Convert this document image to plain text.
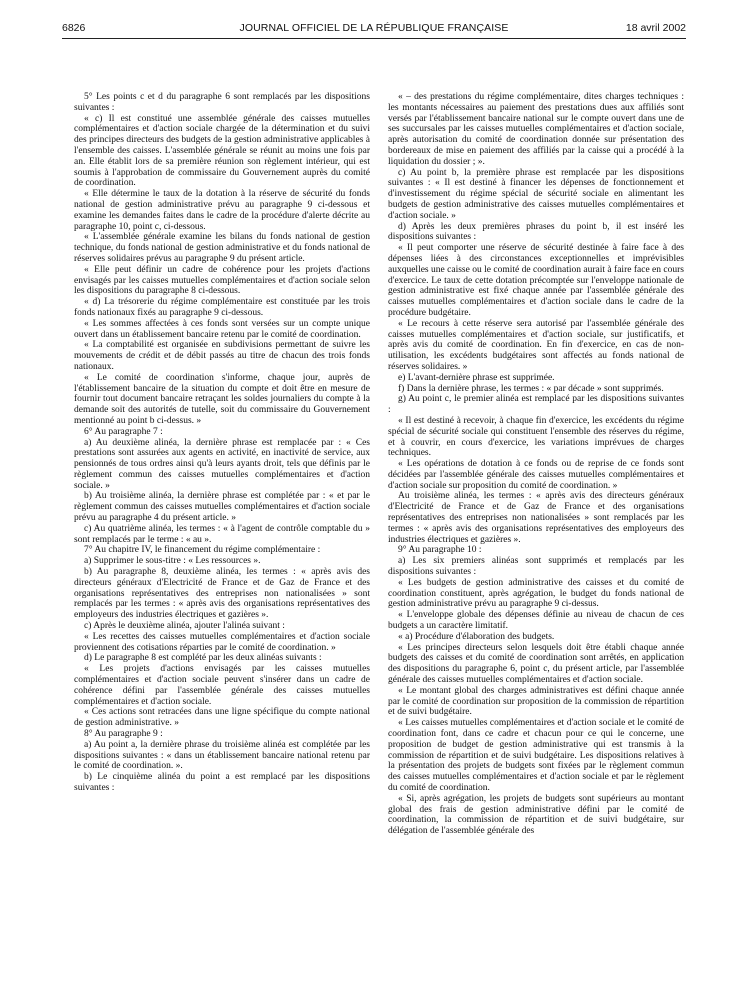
6826	JOURNAL OFFICIEL DE LA RÉPUBLIQUE FRANÇAISE	18 avril 2002

5° Les points c et d du paragraphe 6 sont remplacés par les dispositions suivantes :

« c) Il est constitué une assemblée générale des caisses mutuelles complémentaires et d'action sociale chargée de la détermination et du suivi des principes directeurs des budgets de la gestion administrative applicables à l'ensemble des caisses. L'assemblée générale se réunit au moins une fois par an. Elle établit lors de sa première réunion son règlement intérieur, qui est soumis à l'approbation de commissaire du Gouvernement auprès du comité de coordination.

« Elle détermine le taux de la dotation à la réserve de sécurité du fonds national de gestion administrative prévu au paragraphe 9 ci-dessous et examine les demandes faites dans le cadre de la procédure d'alerte décrite au paragraphe 10, point c, ci-dessous.

« L'assemblée générale examine les bilans du fonds national de gestion technique, du fonds national de gestion administrative et du fonds national de réserves solidaires prévus au paragraphe 9 du présent article.

« Elle peut définir un cadre de cohérence pour les projets d'actions envisagés par les caisses mutuelles complémentaires et d'action sociale selon les dispositions du paragraphe 8 ci-dessous.

« d) La trésorerie du régime complémentaire est constituée par les trois fonds nationaux fixés au paragraphe 9 ci-dessous.

« Les sommes affectées à ces fonds sont versées sur un compte unique ouvert dans un établissement bancaire retenu par le comité de coordination.

« La comptabilité est organisée en subdivisions permettant de suivre les mouvements de crédit et de débit passés au titre de chacun des trois fonds nationaux.

« Le comité de coordination s'informe, chaque jour, auprès de l'établissement bancaire de la situation du compte et doit être en mesure de fournir tout document bancaire retraçant les soldes journaliers du compte à la demande soit des autorités de tutelle, soit du commissaire du Gouvernement mentionné au point b ci-dessus. »

6° Au paragraphe 7 :

a) Au deuxième alinéa, la dernière phrase est remplacée par : « Ces prestations sont assurées aux agents en activité, en inactivité de service, aux pensionnés de tous ordres ainsi qu'à leurs ayants droit, tels que définis par le règlement commun des caisses mutuelles complémentaires et d'action sociale. »

b) Au troisième alinéa, la dernière phrase est complétée par : « et par le règlement commun des caisses mutuelles complémentaires et d'action sociale prévu au paragraphe 4 du présent article. »

c) Au quatrième alinéa, les termes : « à l'agent de contrôle comptable du » sont remplacés par le terme : « au ».

7° Au chapitre IV, le financement du régime complémentaire :

a) Supprimer le sous-titre : « Les ressources ».

b) Au paragraphe 8, deuxième alinéa, les termes : « après avis des directeurs généraux d'Electricité de France et de Gaz de France et des organisations représentatives des entreprises non nationalisées » sont remplacés par les termes : « après avis des organisations représentatives des employeurs des industries électriques et gazières ».

c) Après le deuxième alinéa, ajouter l'alinéa suivant :

« Les recettes des caisses mutuelles complémentaires et d'action sociale proviennent des cotisations réparties par le comité de coordination. »

d) Le paragraphe 8 est complété par les deux alinéas suivants :

« Les projets d'actions envisagés par les caisses mutuelles complémentaires et d'action sociale peuvent s'insérer dans un cadre de cohérence défini par l'assemblée générale des caisses mutuelles complémentaires et d'action sociale.

« Ces actions sont retracées dans une ligne spécifique du compte national de gestion administrative. »

8° Au paragraphe 9 :

a) Au point a, la dernière phrase du troisième alinéa est complétée par les dispositions suivantes : « dans un établissement bancaire national retenu par le comité de coordination. ».

b) Le cinquième alinéa du point a est remplacé par les dispositions suivantes :

« – des prestations du régime complémentaire, dites charges techniques : les montants nécessaires au paiement des prestations dues aux affiliés sont versés par l'établissement bancaire national sur le compte ouvert dans une de ses succursales par les caisses mutuelles complémentaires et d'action sociale, après autorisation du comité de coordination donnée sur présentation des bordereaux de mise en paiement des affiliés par la caisse qui a procédé à la liquidation du dossier ; ».

c) Au point b, la première phrase est remplacée par les dispositions suivantes : « Il est destiné à financer les dépenses de fonctionnement et d'investissement du régime spécial de sécurité sociale en alimentant les budgets de gestion administrative des caisses mutuelles complémentaires et d'action sociale. »

d) Après les deux premières phrases du point b, il est inséré les dispositions suivantes :

« Il peut comporter une réserve de sécurité destinée à faire face à des dépenses liées à des circonstances exceptionnelles et imprévisibles auxquelles une caisse ou le comité de coordination aurait à faire face en cours d'exercice. Le taux de cette dotation précomptée sur l'enveloppe nationale de gestion administrative est fixé chaque année par l'assemblée générale des caisses mutuelles complémentaires et d'action sociale dans le cadre de la procédure budgétaire.

« Le recours à cette réserve sera autorisé par l'assemblée générale des caisses mutuelles complémentaires et d'action sociale, sur justificatifs, et après avis du comité de coordination. En fin d'exercice, en cas de non-utilisation, les excédents budgétaires sont affectés au fonds national de réserves solidaires. »

e) L'avant-dernière phrase est supprimée.

f) Dans la dernière phrase, les termes : « par décade » sont supprimés.

g) Au point c, le premier alinéa est remplacé par les dispositions suivantes :

« Il est destiné à recevoir, à chaque fin d'exercice, les excédents du régime spécial de sécurité sociale qui constituent l'ensemble des réserves du régime, et à couvrir, en cours d'exercice, les variations imprévues de charges techniques.

« Les opérations de dotation à ce fonds ou de reprise de ce fonds sont décidées par l'assemblée générale des caisses mutuelles complémentaires et d'action sociale sur proposition du comité de coordination. »

Au troisième alinéa, les termes : « après avis des directeurs généraux d'Electricité de France et de Gaz de France et des organisations représentatives des entreprises non nationalisées » sont remplacés par les termes : « après avis des organisations représentatives des employeurs des industries électriques et gazières ».

9° Au paragraphe 10 :

a) Les six premiers alinéas sont supprimés et remplacés par les dispositions suivantes :

« Les budgets de gestion administrative des caisses et du comité de coordination constituent, après agrégation, le budget du fonds national de gestion administrative prévu au paragraphe 9 ci-dessus.

« L'enveloppe globale des dépenses définie au niveau de chacun de ces budgets a un caractère limitatif.

« a) Procédure d'élaboration des budgets.

« Les principes directeurs selon lesquels doit être établi chaque année budgets des caisses et du comité de coordination sont arrêtés, en application des dispositions du paragraphe 6, point c, du présent article, par l'assemblée générale des caisses mutuelles complémentaires et d'action sociale.

« Le montant global des charges administratives est défini chaque année par le comité de coordination sur proposition de la commission de répartition et de suivi budgétaire.

« Les caisses mutuelles complémentaires et d'action sociale et le comité de coordination font, dans ce cadre et chacun pour ce qui le concerne, une proposition de budget de gestion administrative qui est transmis à la commission de répartition et de suivi budgétaire. Les dispositions relatives à la présentation des projets de budgets sont fixées par le règlement commun des caisses mutuelles complémentaires et d'action sociale et par le règlement du comité de coordination.

« Si, après agrégation, les projets de budgets sont supérieurs au montant global des frais de gestion administrative défini par le comité de coordination, la commission de répartition et de suivi budgétaire, sur délégation de l'assemblée générale des
